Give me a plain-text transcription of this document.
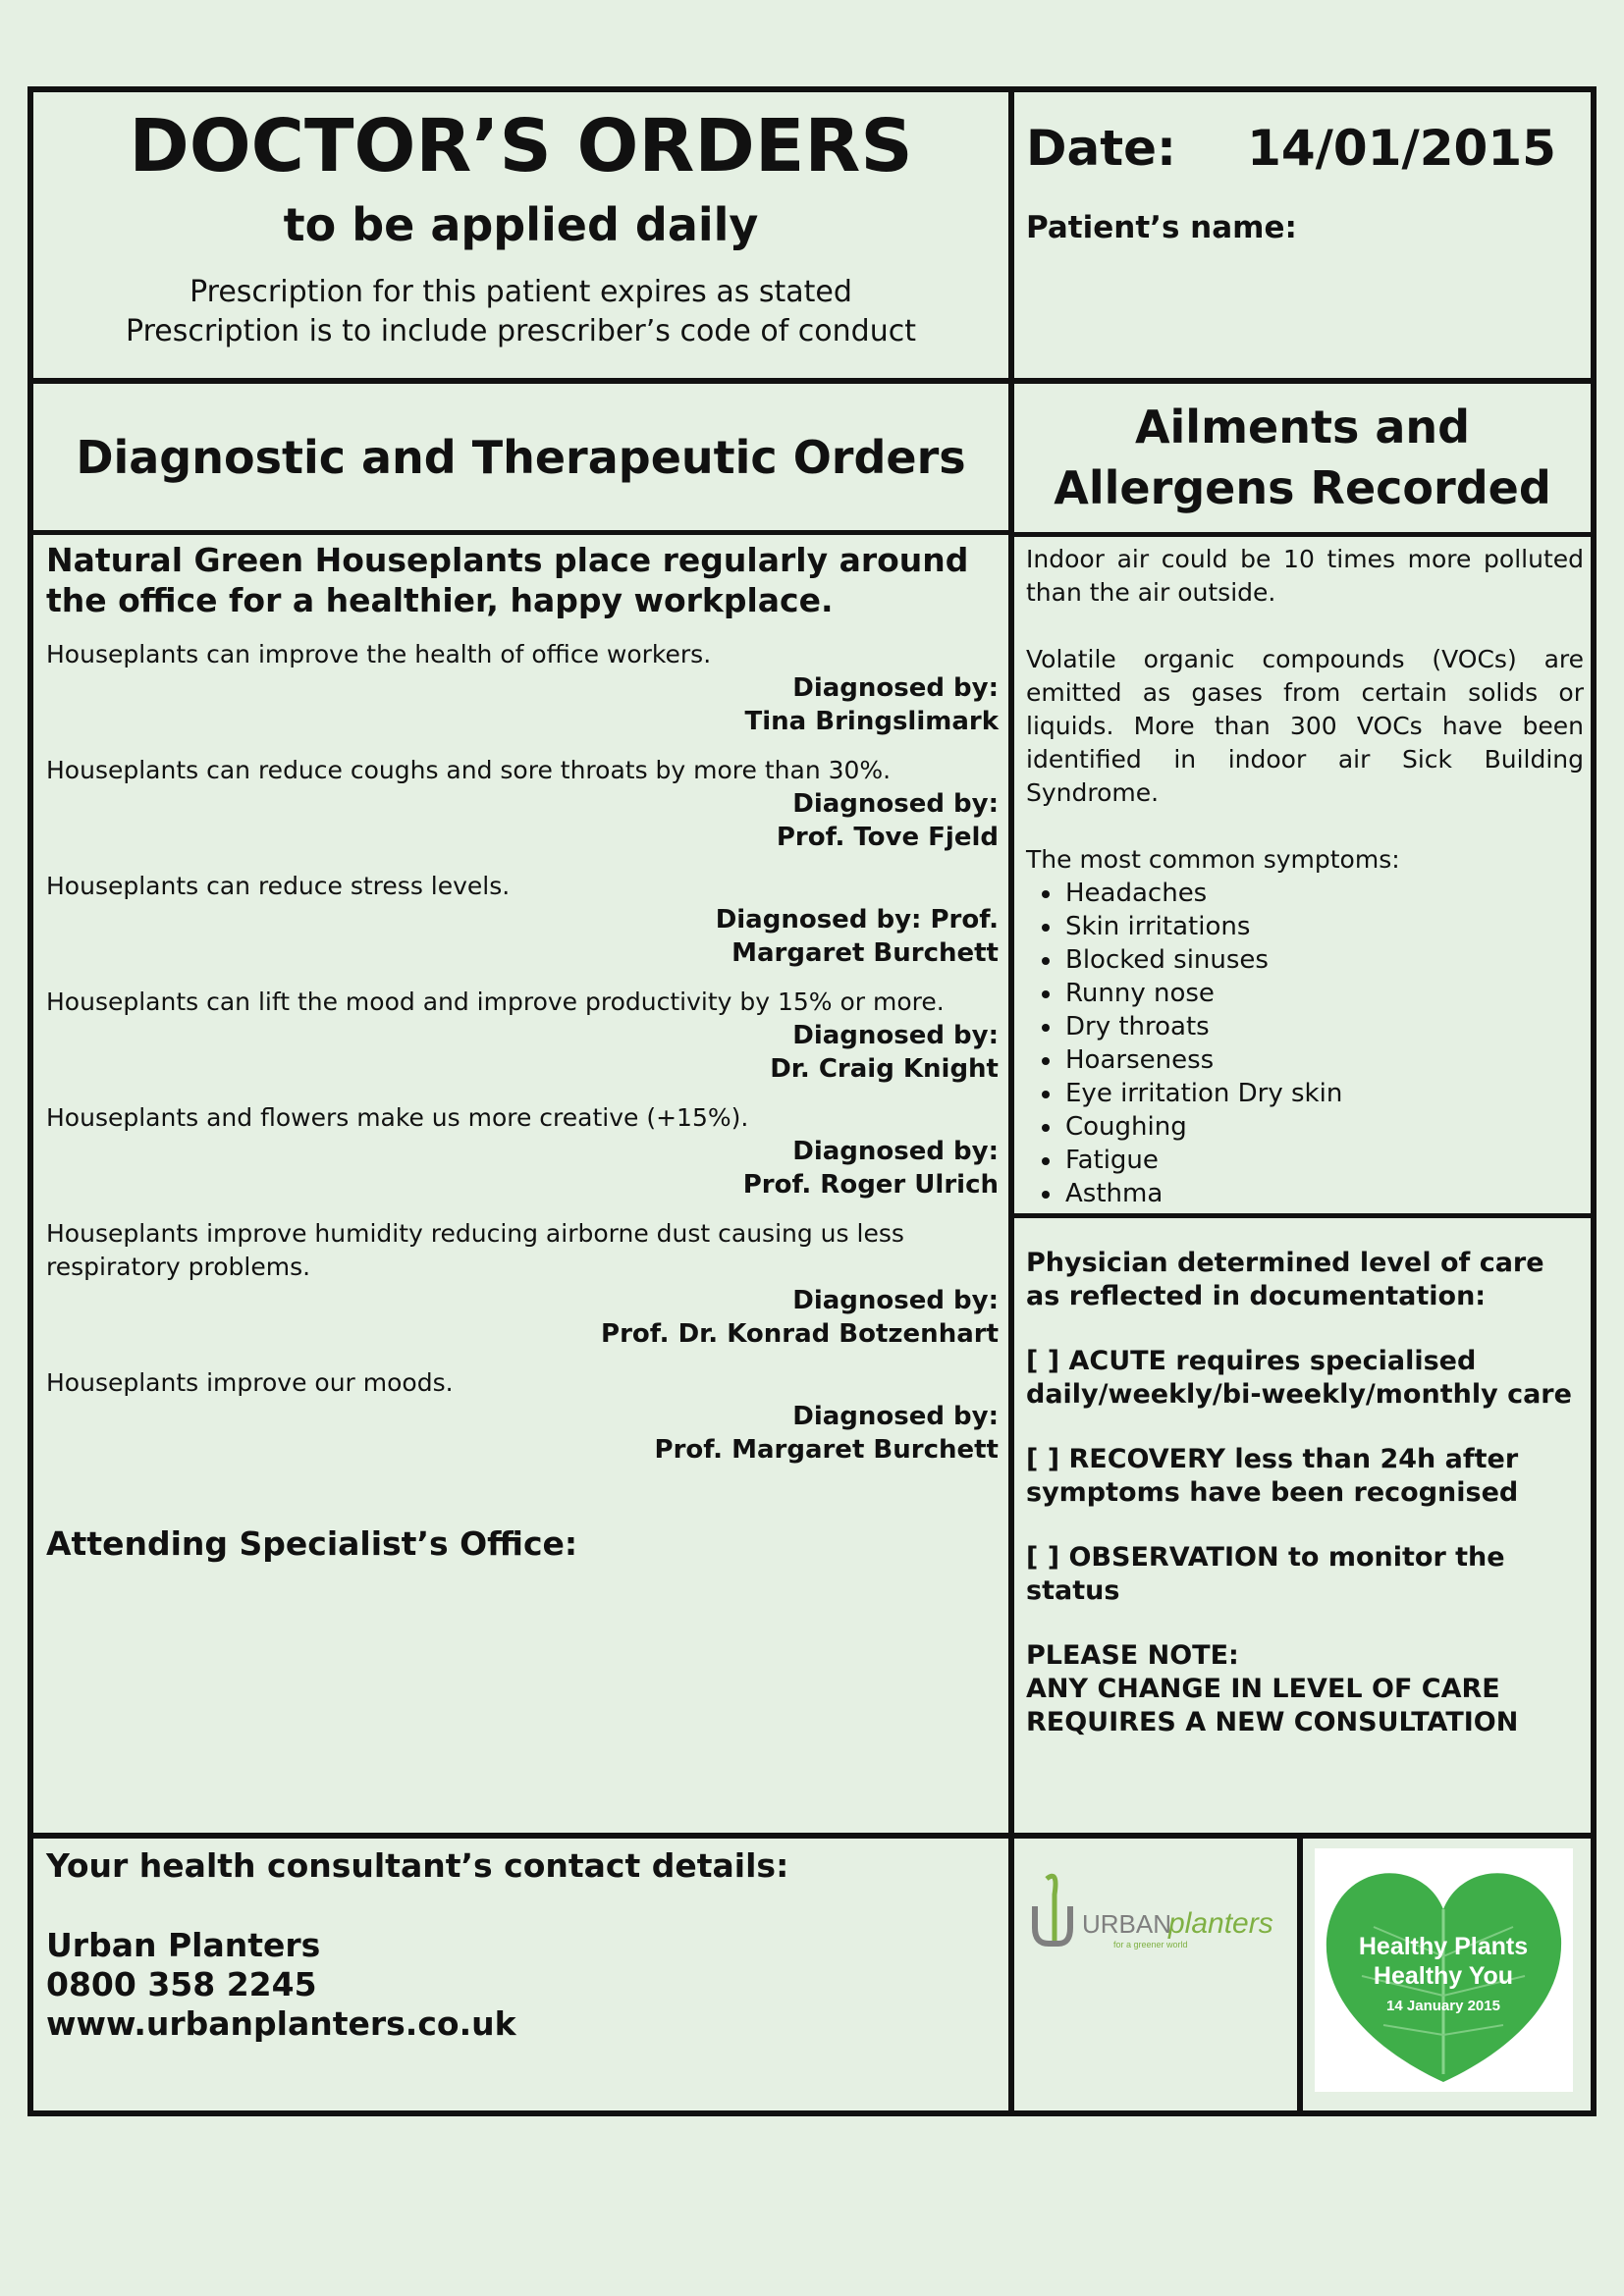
DOCTOR’S ORDERS
to be applied daily
Prescription for this patient expires as stated
Prescription is to include prescriber’s code of conduct
Date: 14/01/2015
Patient’s name:
Diagnostic and Therapeutic Orders
Ailments and
Allergens Recorded

Natural Green Houseplants place regularly around the office for a healthier, happy workplace.

Houseplants can improve the health of office workers.

Diagnosed by:
Tina Bringslimark

Houseplants can reduce coughs and sore throats by more than 30%.

Diagnosed by:
Prof. Tove Fjeld

Houseplants can reduce stress levels.

Diagnosed by: Prof.
Margaret Burchett

Houseplants can lift the mood and improve productivity by 15% or more.

Diagnosed by:
Dr. Craig Knight

Houseplants and flowers make us more creative (+15%).

Diagnosed by:
Prof. Roger Ulrich

Houseplants improve humidity reducing airborne dust causing us less respiratory problems.

Diagnosed by:
Prof. Dr. Konrad Botzenhart

Houseplants improve our moods.

Diagnosed by:
Prof. Margaret Burchett

Attending Specialist’s Office:

Indoor air could be 10 times more polluted than the air outside.

Volatile organic compounds (VOCs) are emitted as gases from certain solids or liquids. More than 300 VOCs have been identified in indoor air Sick Building Syndrome.

The most common symptoms:
• Headaches
• Skin irritations
• Blocked sinuses
• Runny nose
• Dry throats
• Hoarseness
• Eye irritation Dry skin
• Coughing
• Fatigue
• Asthma

Physician determined level of care as reflected in documentation:

[ ] ACUTE requires specialised daily/weekly/bi-weekly/monthly care

[ ] RECOVERY less than 24h after symptoms have been recognised

[ ] OBSERVATION to monitor the status

PLEASE NOTE:

ANY CHANGE IN LEVEL OF CARE

REQUIRES A NEW CONSULTATION

Your health consultant’s contact details:

Urban Planters

0800 358 2245

www.urbanplanters.co.uk

URBAN
planters
for a greener world	Healthy Plants
Healthy You
14 January 2015
